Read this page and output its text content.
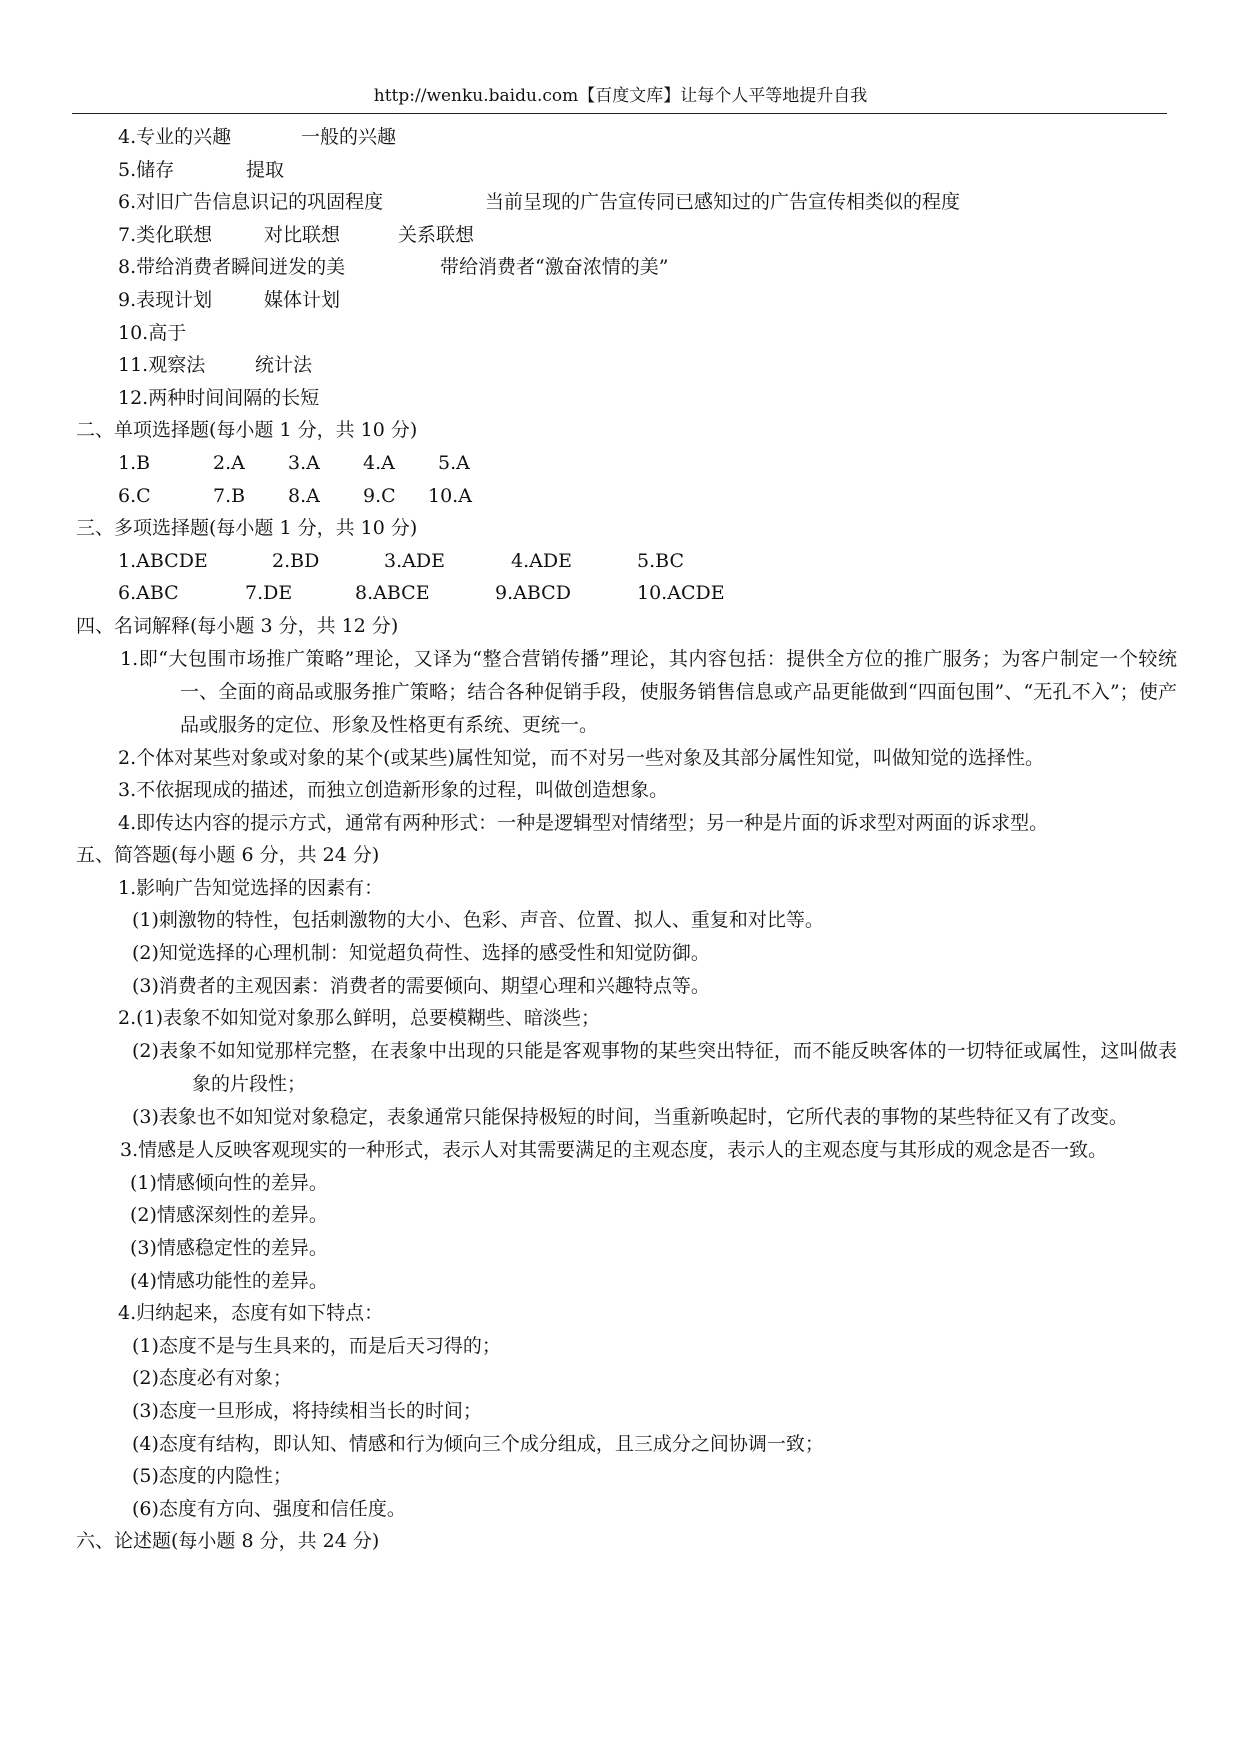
http://wenku.baidu.com【百度文库】让每个人平等地提升自我
4.专业的兴趣	一般的兴趣
5.储存	提取
6.对旧广告信息识记的巩固程度	当前呈现的广告宣传同已感知过的广告宣传相类似的程度
7.类化联想	对比联想	关系联想
8.带给消费者瞬间迸发的美	带给消费者“激奋浓情的美”
9.表现计划	媒体计划
10.高于
11.观察法	统计法
12.两种时间间隔的长短
二、单项选择题(每小题 1 分，共 10 分)
1.B	2.A 3.A 4.A 5.A
6.C	7.B 8.A 9.C 10.A
三、多项选择题(每小题 1 分，共 10 分)
1.ABCDE	2.BD	3.ADE	4.ADE	5.BC
6.ABC	7.DE	8.ABCE	9.ABCD	10.ACDE
四、名词解释(每小题 3 分，共 12 分)
1.即“大包围市场推广策略”理论，又译为“整合营销传播”理论，其内容包括：提供全方位的推广服务；为客户制定一个较统一、全面的商品或服务推广策略；结合各种促销手段，使服务销售信息或产品更能做到“四面包围”、“无孔不入”；使产品或服务的定位、形象及性格更有系统、更统一。
2.个体对某些对象或对象的某个(或某些)属性知觉，而不对另一些对象及其部分属性知觉，叫做知觉的选择性。
3.不依据现成的描述，而独立创造新形象的过程，叫做创造想象。
4.即传达内容的提示方式，通常有两种形式：一种是逻辑型对情绪型；另一种是片面的诉求型对两面的诉求型。
五、简答题(每小题 6 分，共 24 分)
1.影响广告知觉选择的因素有：
(1)刺激物的特性，包括刺激物的大小、色彩、声音、位置、拟人、重复和对比等。
(2)知觉选择的心理机制：知觉超负荷性、选择的感受性和知觉防御。
(3)消费者的主观因素：消费者的需要倾向、期望心理和兴趣特点等。
2.(1)表象不如知觉对象那么鲜明，总要模糊些、暗淡些；
(2)表象不如知觉那样完整，在表象中出现的只能是客观事物的某些突出特征，而不能反映客体的一切特征或属性，这叫做表象的片段性；
(3)表象也不如知觉对象稳定，表象通常只能保持极短的时间，当重新唤起时，它所代表的事物的某些特征又有了改变。
3.情感是人反映客观现实的一种形式，表示人对其需要满足的主观态度，表示人的主观态度与其形成的观念是否一致。
(1)情感倾向性的差异。
(2)情感深刻性的差异。
(3)情感稳定性的差异。
(4)情感功能性的差异。
4.归纳起来，态度有如下特点：
(1)态度不是与生具来的，而是后天习得的；
(2)态度必有对象；
(3)态度一旦形成，将持续相当长的时间；
(4)态度有结构，即认知、情感和行为倾向三个成分组成，且三成分之间协调一致；
(5)态度的内隐性；
(6)态度有方向、强度和信任度。
六、论述题(每小题 8 分，共 24 分)
